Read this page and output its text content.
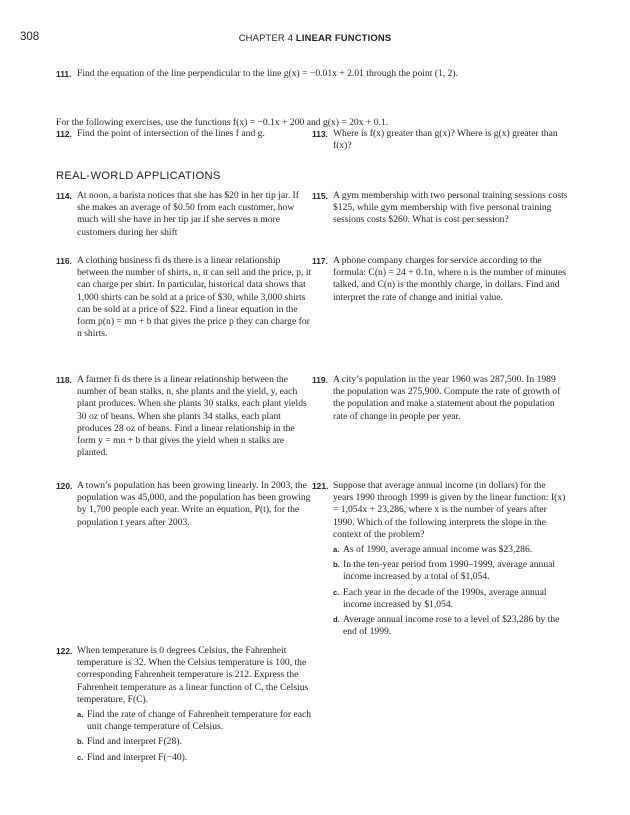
308	CHAPTER 4 LINEAR FUNCTIONS
111. Find the equation of the line perpendicular to the line g(x) = −0.01x + 2.01 through the point (1, 2).

For the following exercises, use the functions f(x) = −0.1x + 200 and g(x) = 20x + 0.1.

112. Find the point of intersection of the lines f and g.	113. Where is f(x) greater than g(x)? Where is g(x) greater than f(x)?

REAL-WORLD APPLICATIONS
114. At noon, a barista notices that she has $20 in her tip jar. If she makes an average of $0.50 from each customer, how much will she have in her tip jar if she serves n more customers during her shift

115. A gym membership with two personal training sessions costs $125, while gym membership with five personal training sessions costs $260. What is cost per session?

116. A clothing business fi ds there is a linear relationship between the number of shirts, n, it can sell and the price, p, it can charge per shirt. In particular, historical data shows that 1,000 shirts can be sold at a price of $30, while 3,000 shirts can be sold at a price of $22. Find a linear equation in the form p(n) = mn + b that gives the price p they can charge for n shirts.

117. A phone company charges for service according to the formula: C(n) = 24 + 0.1n, where n is the number of minutes talked, and C(n) is the monthly charge, in dollars. Find and interpret the rate of change and initial value.

118. A farmer fi ds there is a linear relationship between the number of bean stalks, n, she plants and the yield, y, each plant produces. When she plants 30 stalks, each plant yields 30 oz of beans. When she plants 34 stalks, each plant produces 28 oz of beans. Find a linear relationship in the form y = mn + b that gives the yield when n stalks are planted.

119. A city’s population in the year 1960 was 287,500. In 1989 the population was 275,900. Compute the rate of growth of the population and make a statement about the population rate of change in people per year.

120. A town’s population has been growing linearly. In 2003, the population was 45,000, and the population has been growing by 1,700 people each year. Write an equation, P(t), for the population t years after 2003.

121. Suppose that average annual income (in dollars) for the years 1990 through 1999 is given by the linear function: I(x) = 1,054x + 23,286, where x is the number of years after 1990. Which of the following interprets the slope in the context of the problem?

a. As of 1990, average annual income was $23,286.

b. In the ten-year period from 1990–1999, average annual income increased by a total of $1,054.

c. Each year in the decade of the 1990s, average annual income increased by $1,054.

d. Average annual income rose to a level of $23,286 by the end of 1999.

122. When temperature is 0 degrees Celsius, the Fahrenheit temperature is 32. When the Celsius temperature is 100, the corresponding Fahrenheit temperature is 212. Express the Fahrenheit temperature as a linear function of C, the Celsius temperature, F(C).

a. Find the rate of change of Fahrenheit temperature for each unit change temperature of Celsius.

b. Find and interpret F(28).

c. Find and interpret F(−40).
